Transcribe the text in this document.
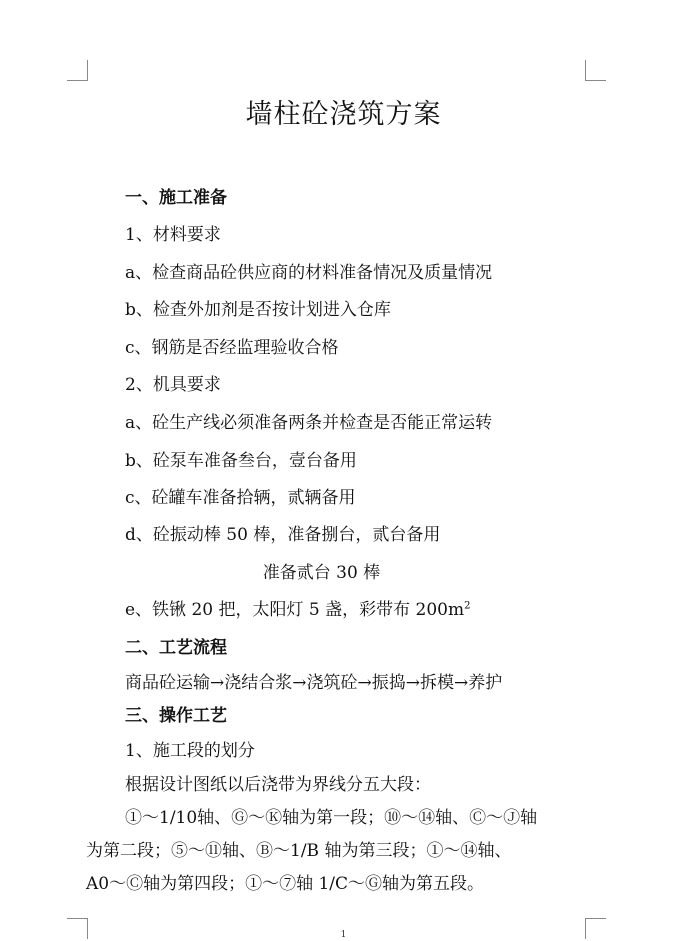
墙柱砼浇筑方案
一、施工准备
1、材料要求
a、检查商品砼供应商的材料准备情况及质量情况
b、检查外加剂是否按计划进入仓库
c、钢筋是否经监理验收合格
2、机具要求
a、砼生产线必须准备两条并检查是否能正常运转
b、砼泵车准备叁台，壹台备用
c、砼罐车准备拾辆，贰辆备用
d、砼振动棒 50 棒，准备捌台，贰台备用
准备贰台 30 棒
e、铁锹 20 把，太阳灯 5 盏，彩带布 $200m^2$
二、工艺流程
商品砼运输→浇结合浆→浇筑砼→振捣→拆模→养护
三、操作工艺
1、施工段的划分
根据设计图纸以后浇带为界线分五大段：
①～1/10轴、Ⓖ～Ⓚ轴为第一段；⑩～⑭轴、Ⓒ～Ⓙ轴
为第二段；⑤～⑪轴、Ⓑ～1/B 轴为第三段；①～⑭轴、
A0～Ⓒ轴为第四段；①～⑦轴 1/C～Ⓖ轴为第五段。
1
